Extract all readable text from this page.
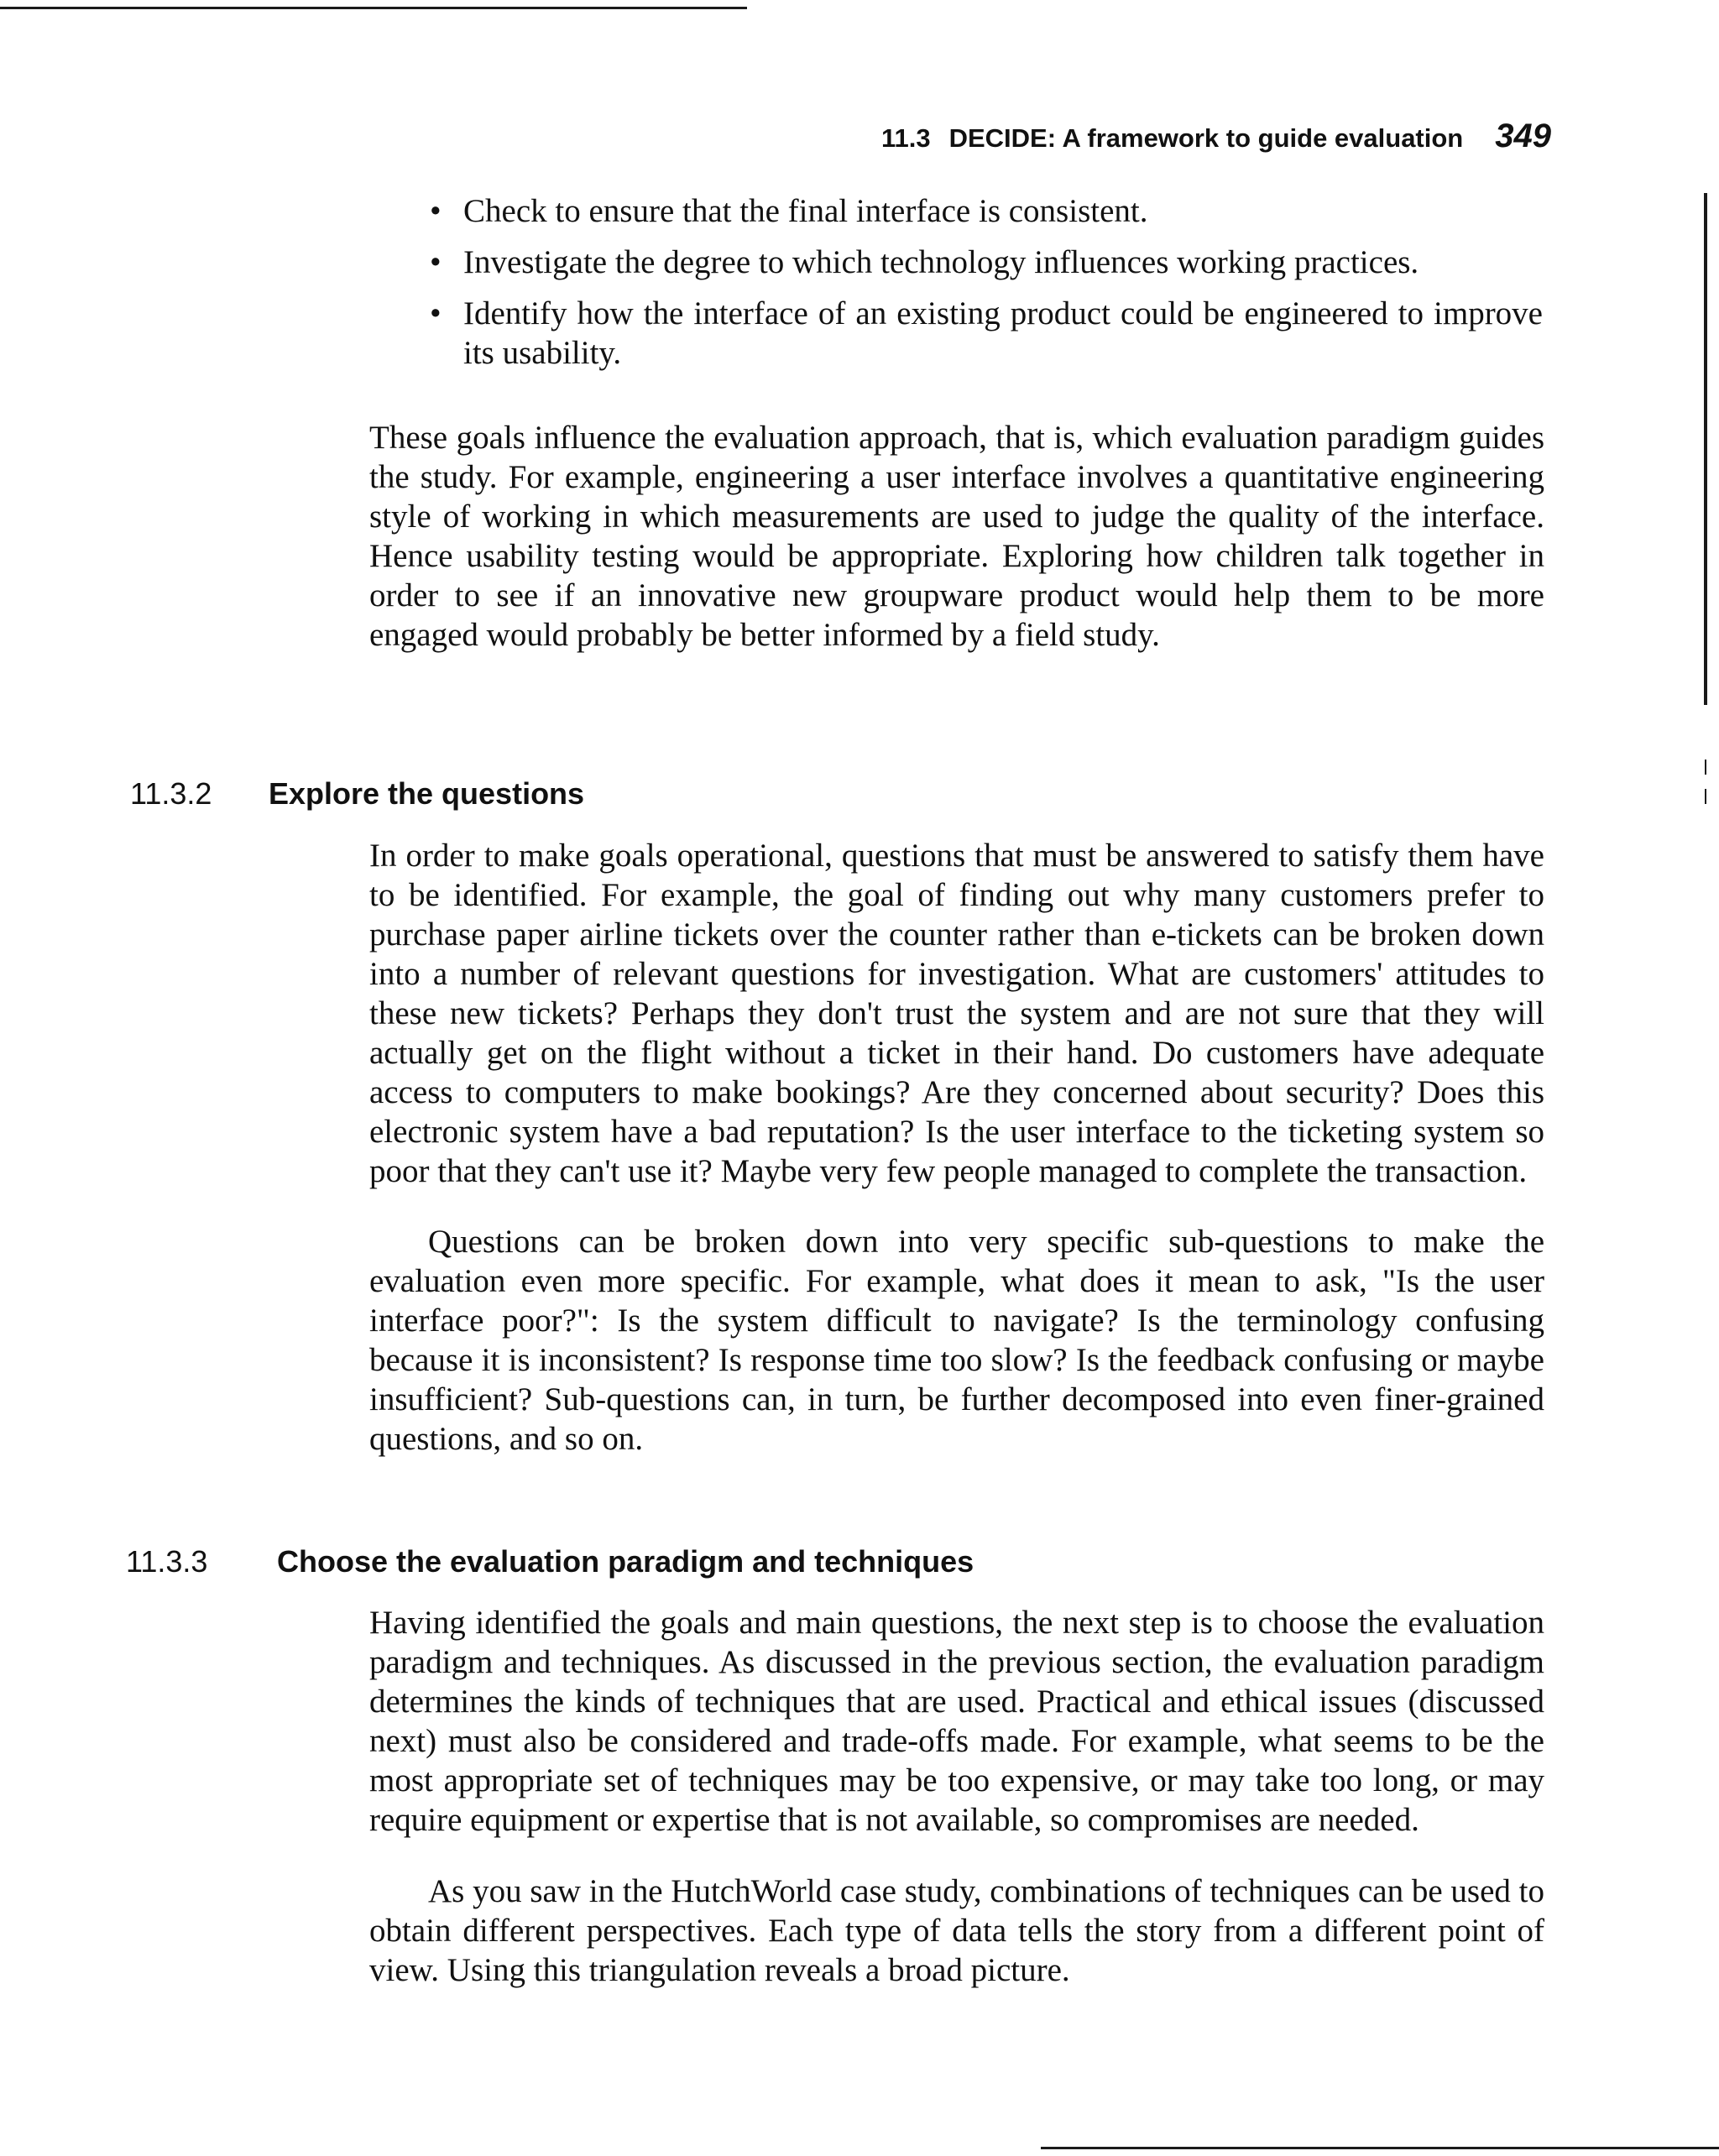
11.3 DECIDE: A framework to guide evaluation 349
• Check to ensure that the final interface is consistent.
• Investigate the degree to which technology influences working practices.
• Identify how the interface of an existing product could be engineered to improve its usability.

These goals influence the evaluation approach, that is, which evaluation paradigm guides the study. For example, engineering a user interface involves a quantitative engineering style of working in which measurements are used to judge the quality of the interface. Hence usability testing would be appropriate. Exploring how children talk together in order to see if an innovative new groupware product would help them to be more engaged would probably be better informed by a field study.

11.3.2 Explore the questions

In order to make goals operational, questions that must be answered to satisfy them have to be identified. For example, the goal of finding out why many customers prefer to purchase paper airline tickets over the counter rather than e-tickets can be broken down into a number of relevant questions for investigation. What are customers' attitudes to these new tickets? Perhaps they don't trust the system and are not sure that they will actually get on the flight without a ticket in their hand. Do customers have adequate access to computers to make bookings? Are they concerned about security? Does this electronic system have a bad reputation? Is the user interface to the ticketing system so poor that they can't use it? Maybe very few people managed to complete the transaction.

Questions can be broken down into very specific sub-questions to make the evaluation even more specific. For example, what does it mean to ask, "Is the user interface poor?": Is the system difficult to navigate? Is the terminology confusing because it is inconsistent? Is response time too slow? Is the feedback confusing or maybe insufficient? Sub-questions can, in turn, be further decomposed into even finer-grained questions, and so on.

11.3.3 Choose the evaluation paradigm and techniques

Having identified the goals and main questions, the next step is to choose the evaluation paradigm and techniques. As discussed in the previous section, the evaluation paradigm determines the kinds of techniques that are used. Practical and ethical issues (discussed next) must also be considered and trade-offs made. For example, what seems to be the most appropriate set of techniques may be too expensive, or may take too long, or may require equipment or expertise that is not available, so compromises are needed.

As you saw in the HutchWorld case study, combinations of techniques can be used to obtain different perspectives. Each type of data tells the story from a different point of view. Using this triangulation reveals a broad picture.
